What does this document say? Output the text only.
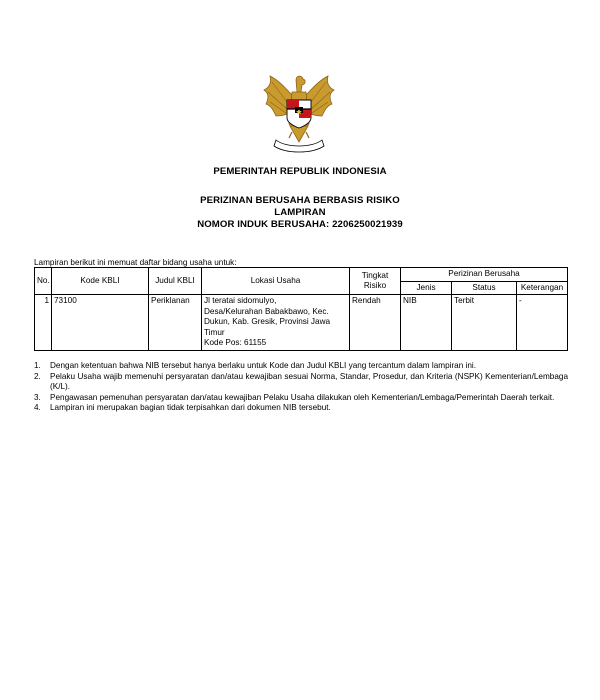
PEMERINTAH REPUBLIK INDONESIA
PERIZINAN BERUSAHA BERBASIS RISIKO
LAMPIRAN
NOMOR INDUK BERUSAHA: 2206250021939
Lampiran berikut ini memuat daftar bidang usaha untuk:
No.	Kode KBLI	Judul KBLI	Lokasi Usaha	Tingkat Risiko	Perizinan Berusaha		
					Jenis	Status	Keterangan
1	73100	Periklanan	Jl teratai sidomulyo,
Desa/Kelurahan Babakbawo, Kec.
Dukun, Kab. Gresik, Provinsi Jawa
Timur
Kode Pos: 61155	Rendah	NIB	Terbit	-
1. Dengan ketentuan bahwa NIB tersebut hanya berlaku untuk Kode dan Judul KBLI yang tercantum dalam lampiran ini.
2. Pelaku Usaha wajib memenuhi persyaratan dan/atau kewajiban sesuai Norma, Standar, Prosedur, dan Kriteria (NSPK) Kementerian/Lembaga (K/L).
3. Pengawasan pemenuhan persyaratan dan/atau kewajiban Pelaku Usaha dilakukan oleh Kementerian/Lembaga/Pemerintah Daerah terkait.
4. Lampiran ini merupakan bagian tidak terpisahkan dari dokumen NIB tersebut.
